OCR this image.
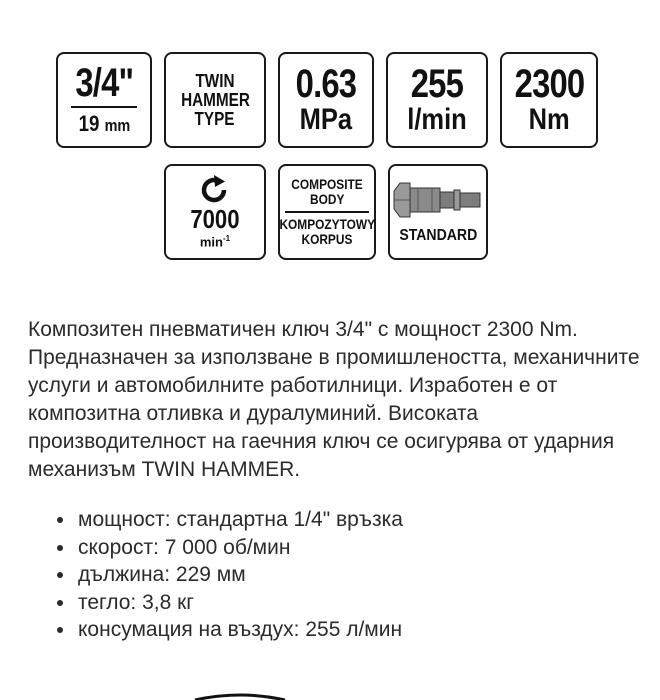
3/4"
19 mm
TWIN
HAMMER
TYPE
0.63
MPa
255
l/min
2300
Nm
7000
$\min^{-1}$
COMPOSITE
BODY
KOMPOZYTOWY
KORPUS	STANDARD

Композитен пневматичен ключ 3/4" с мощност 2300 Nm. Предназначен за използване в промишлеността, механичните услуги и автомобилните работилници. Изработен е от композитна отливка и дуралуминий. Високата производителност на гаечния ключ се осигурява от ударния механизъм TWIN HAMMER.

• мощност: стандартна 1/4" връзка
• скорост: 7 000 об/мин
• дължина: 229 мм
• тегло: 3,8 кг
• консумация на въздух: 255 л/мин
